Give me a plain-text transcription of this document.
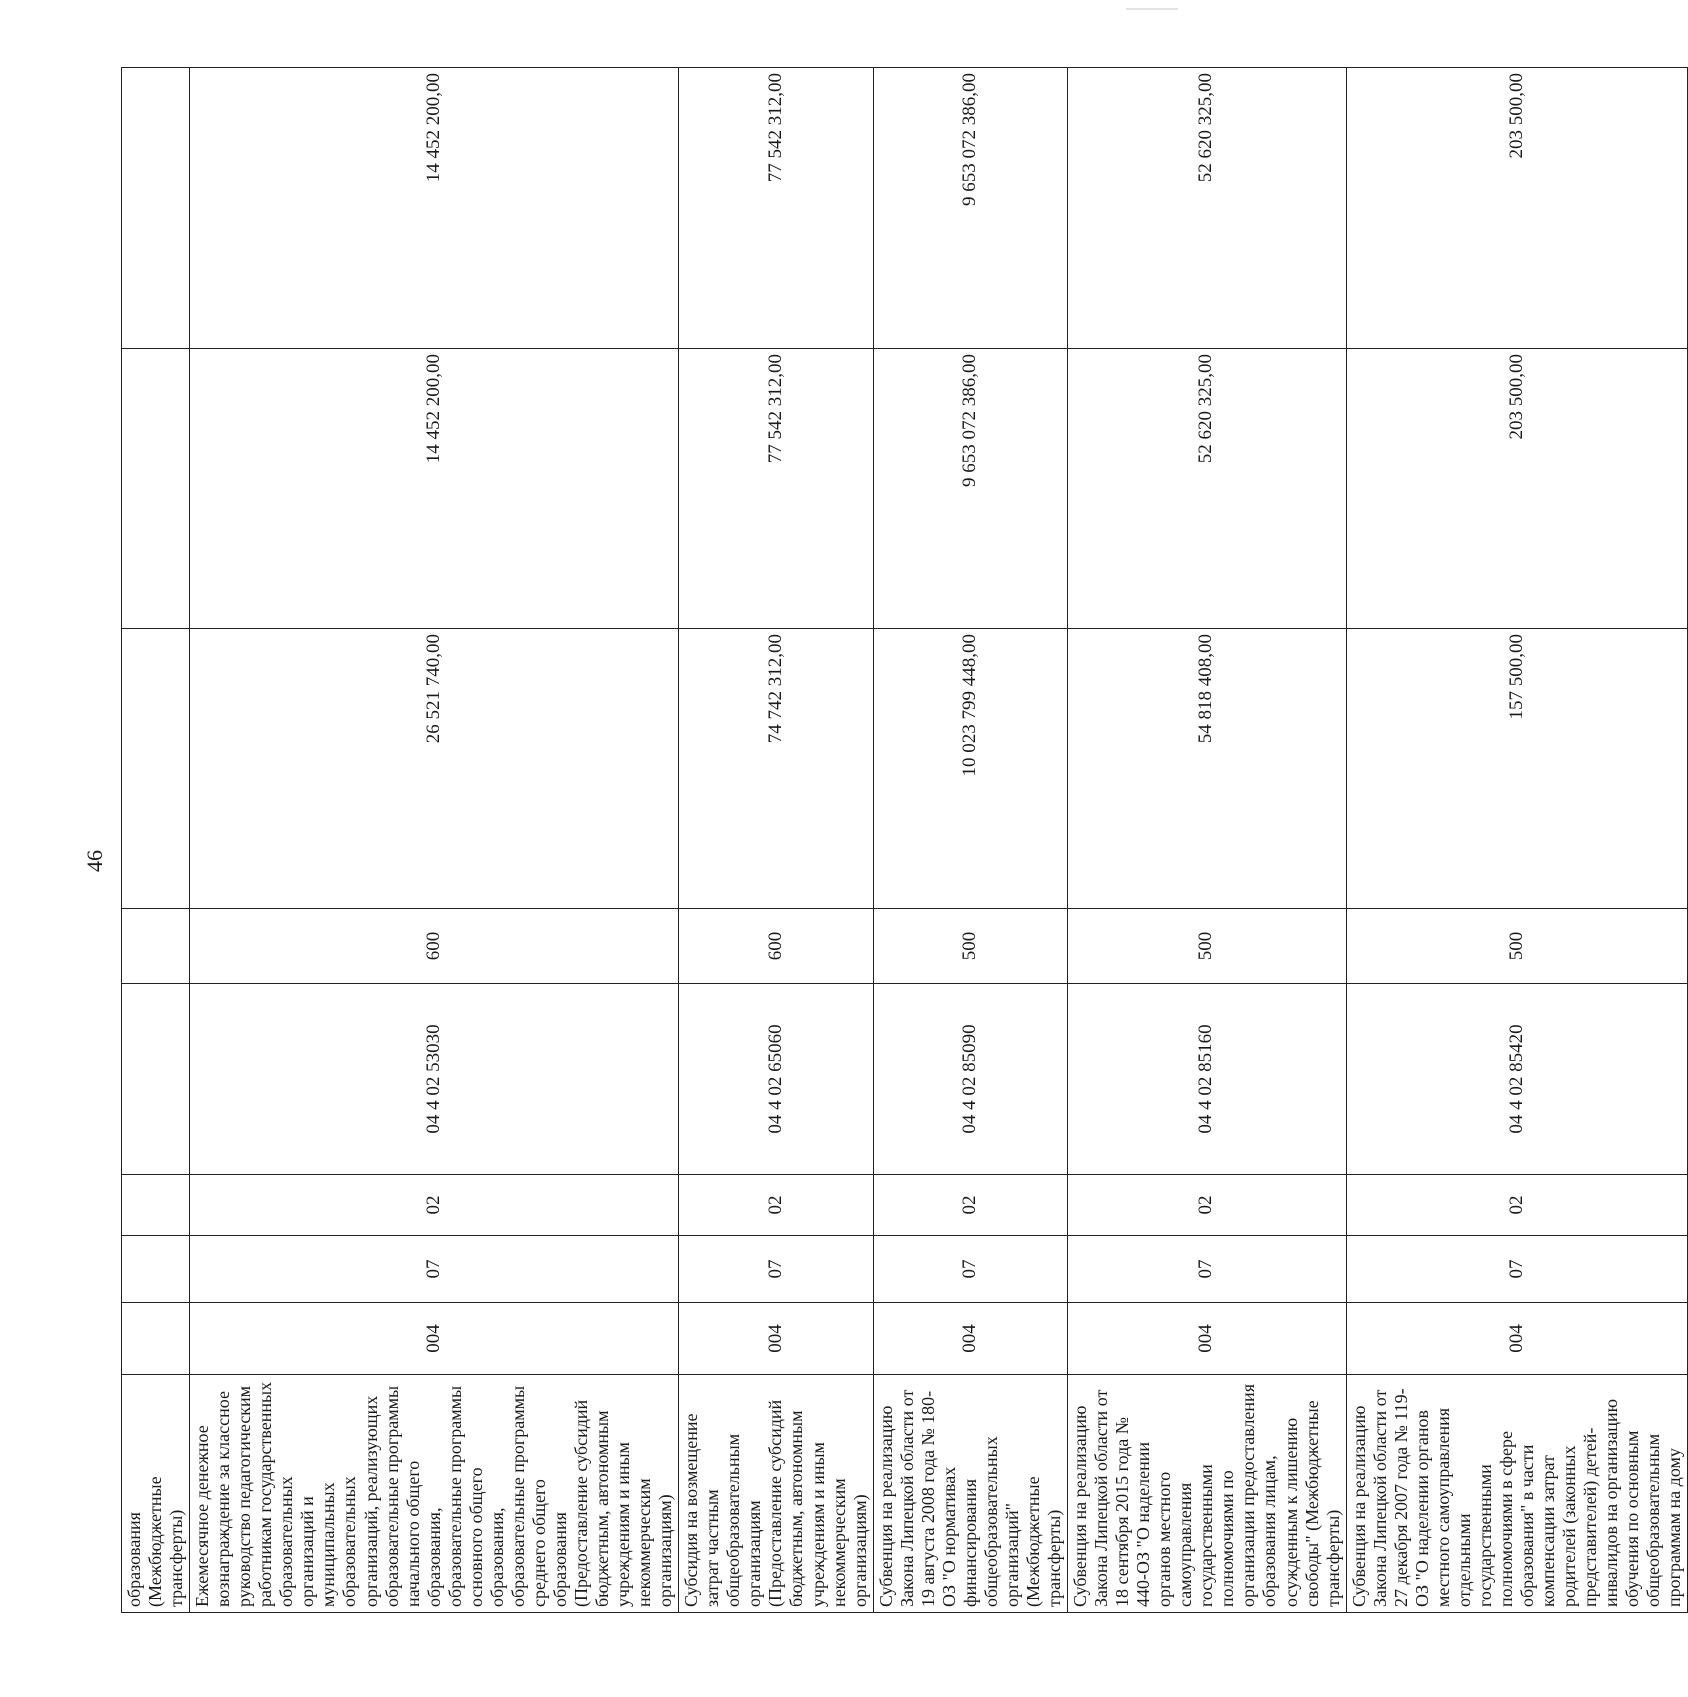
46
образования (Межбюджетные трансферты)								
Ежемесячное денежное вознаграждение за классное руководство педагогическим работникам государственных образовательных организаций и муниципальных образовательных организаций, реализующих образовательные программы начального общего образования, образовательные программы основного общего образования, образовательные программы среднего общего образования (Предоставление субсидий бюджетным, автономным учреждениям и иным некоммерческим организациям)	004	07	02	04 4 02 53030	600	26 521 740,00	14 452 200,00	14 452 200,00
Субсидия на возмещение затрат частным общеобразовательным организациям (Предоставление субсидий бюджетным, автономным учреждениям и иным некоммерческим организациям)	004	07	02	04 4 02 65060	600	74 742 312,00	77 542 312,00	77 542 312,00
Субвенция на реализацию Закона Липецкой области от 19 августа 2008 года № 180-ОЗ "О нормативах финансирования общеобразовательных организаций" (Межбюджетные трансферты)	004	07	02	04 4 02 85090	500	10 023 799 448,00	9 653 072 386,00	9 653 072 386,00
Субвенция на реализацию Закона Липецкой области от 18 сентября 2015 года № 440-ОЗ "О наделении органов местного самоуправления государственными полномочиями по организации предоставления образования лицам, осужденным к лишению свободы" (Межбюджетные трансферты)	004	07	02	04 4 02 85160	500	54 818 408,00	52 620 325,00	52 620 325,00
Субвенция на реализацию Закона Липецкой области от 27 декабря 2007 года № 119-ОЗ "О наделении органов местного самоуправления отдельными государственными полномочиями в сфере образования" в части компенсации затрат родителей (законных представителей) детей-инвалидов на организацию обучения по основным общеобразовательным программам на дому	004	07	02	04 4 02 85420	500	157 500,00	203 500,00	203 500,00
